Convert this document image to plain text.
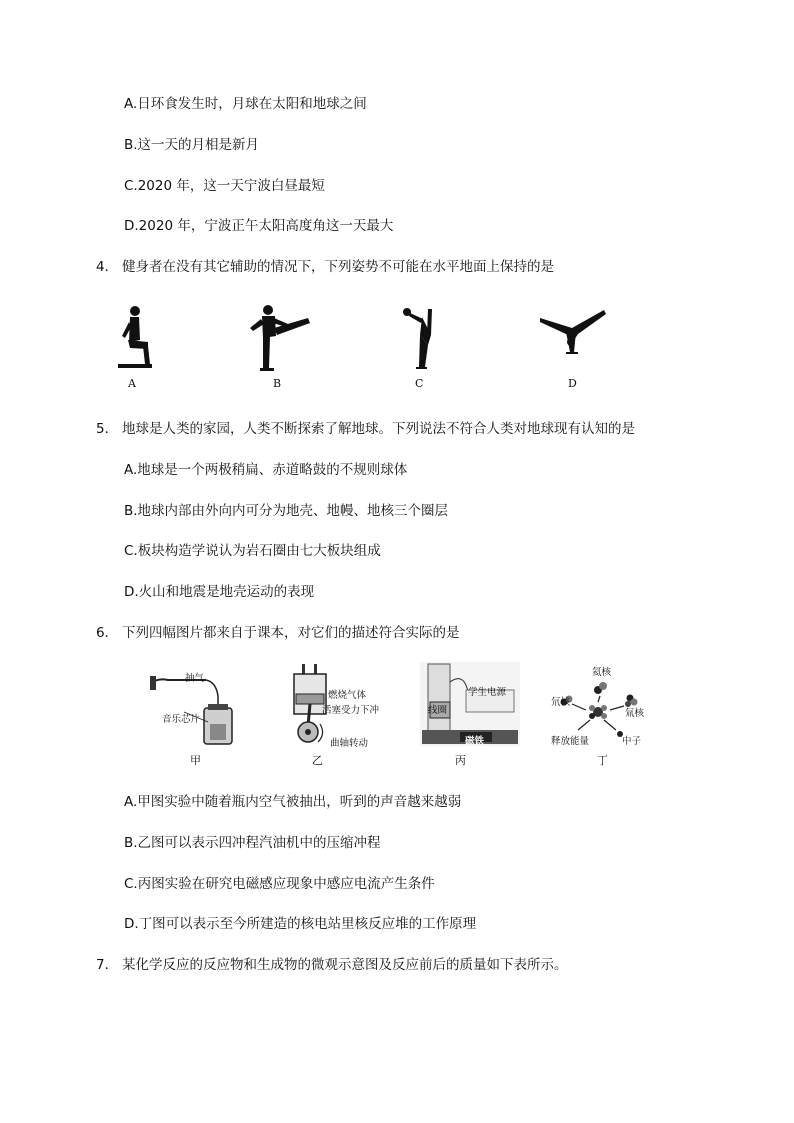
A.日环食发生时，月球在太阳和地球之间
B.这一天的月相是新月
C.2020 年，这一天宁波白昼最短
D.2020 年，宁波正午太阳高度角这一天最大
4． 健身者在没有其它辅助的情况下，下列姿势不可能在水平地面上保持的是
A	B	C	D
5． 地球是人类的家园，人类不断探索了解地球。下列说法不符合人类对地球现有认知的是
A.地球是一个两极稍扁、赤道略鼓的不规则球体
B.地球内部由外向内可分为地壳、地幔、地核三个圈层
C.板块构造学说认为岩石圈由七大板块组成
D.火山和地震是地壳运动的表现
6． 下列四幅图片都来自于课本，对它们的描述符合实际的是
抽气
音乐芯片
甲
燃烧气体
活塞受力下冲
曲轴转动
乙
学生电源
线圈
磁铁
丙
氦核
氘核
氚核
释放能量	中子
丁
A.甲图实验中随着瓶内空气被抽出，听到的声音越来越弱
B.乙图可以表示四冲程汽油机中的压缩冲程
C.丙图实验在研究电磁感应现象中感应电流产生条件
D.丁图可以表示至今所建造的核电站里核反应堆的工作原理
7． 某化学反应的反应物和生成物的微观示意图及反应前后的质量如下表所示。
